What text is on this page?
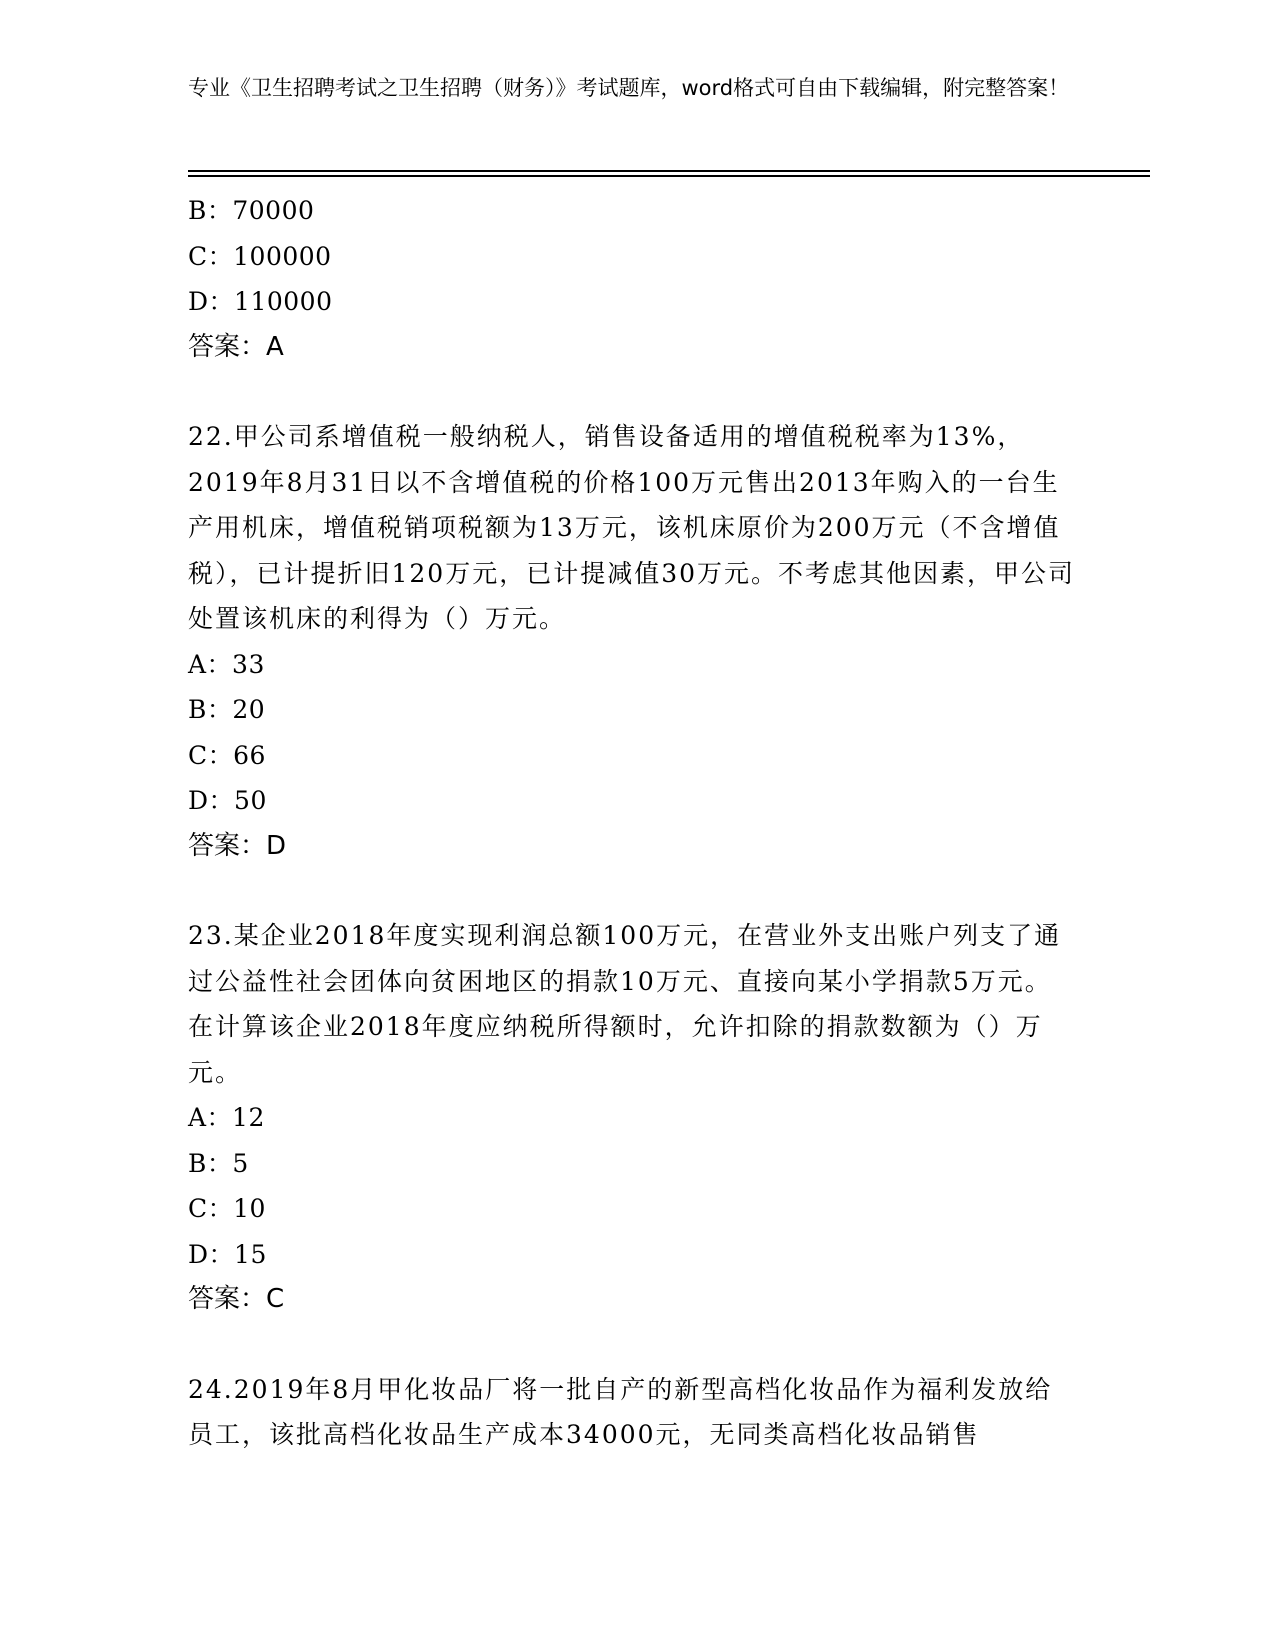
专业《卫生招聘考试之卫生招聘（财务）》考试题库，word格式可自由下载编辑，附完整答案！
B：70000
C：100000
D：110000
答案：A
22.甲公司系增值税一般纳税人，销售设备适用的增值税税率为13%，2019年8月31日以不含增值税的价格100万元售出2013年购入的一台生产用机床，增值税销项税额为13万元，该机床原价为200万元（不含增值税），已计提折旧120万元，已计提减值30万元。不考虑其他因素，甲公司处置该机床的利得为（）万元。
A：33
B：20
C：66
D：50
答案：D
23.某企业2018年度实现利润总额100万元，在营业外支出账户列支了通过公益性社会团体向贫困地区的捐款10万元、直接向某小学捐款5万元。在计算该企业2018年度应纳税所得额时，允许扣除的捐款数额为（）万元。
A：12
B：5
C：10
D：15
答案：C
24.2019年8月甲化妆品厂将一批自产的新型高档化妆品作为福利发放给员工，该批高档化妆品生产成本34000元，无同类高档化妆品销售
